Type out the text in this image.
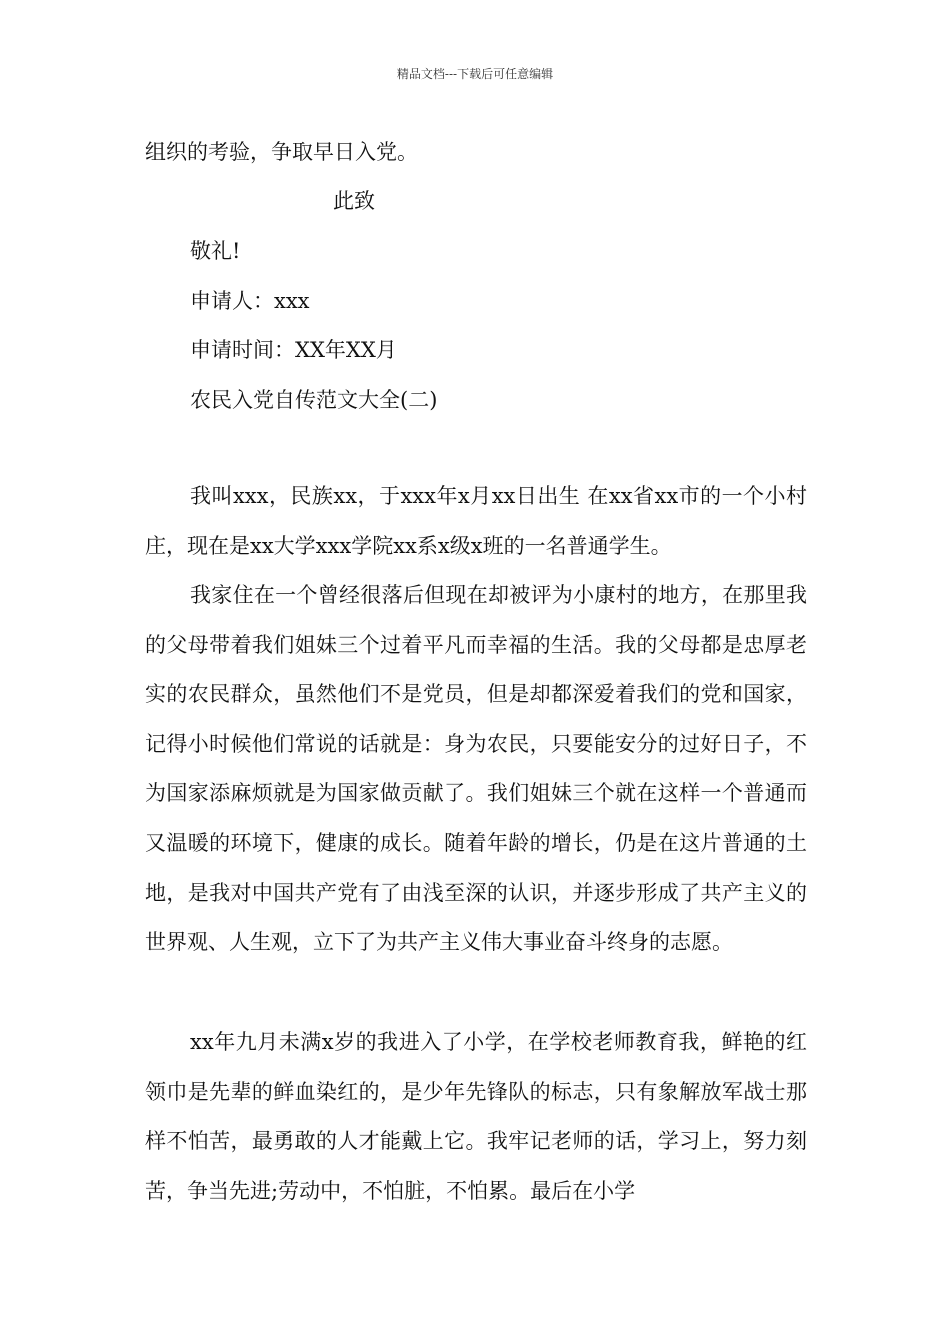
精品文档---下载后可任意编辑
组织的考验，争取早日入党。
此致
敬礼!
申请人：xxx
申请时间：XX年XX月
农民入党自传范文大全(二)

我叫xxx，民族xx，于xxx年x月xx日出生 在xx省xx市的一个小村庄，现在是xx大学xxx学院xx系x级x班的一名普通学生。

我家住在一个曾经很落后但现在却被评为小康村的地方，在那里我的父母带着我们姐妹三个过着平凡而幸福的生活。我的父母都是忠厚老实的农民群众，虽然他们不是党员，但是却都深爱着我们的党和国家，记得小时候他们常说的话就是：身为农民，只要能安分的过好日子，不为国家添麻烦就是为国家做贡献了。我们姐妹三个就在这样一个普通而又温暖的环境下，健康的成长。随着年龄的增长，仍是在这片普通的土地，是我对中国共产党有了由浅至深的认识，并逐步形成了共产主义的世界观、人生观，立下了为共产主义伟大事业奋斗终身的志愿。

xx年九月未满x岁的我进入了小学，在学校老师教育我，鲜艳的红领巾是先辈的鲜血染红的，是少年先锋队的标志，只有象解放军战士那样不怕苦，最勇敢的人才能戴上它。我牢记老师的话，学习上，努力刻苦，争当先进;劳动中，不怕脏，不怕累。最后在小学
